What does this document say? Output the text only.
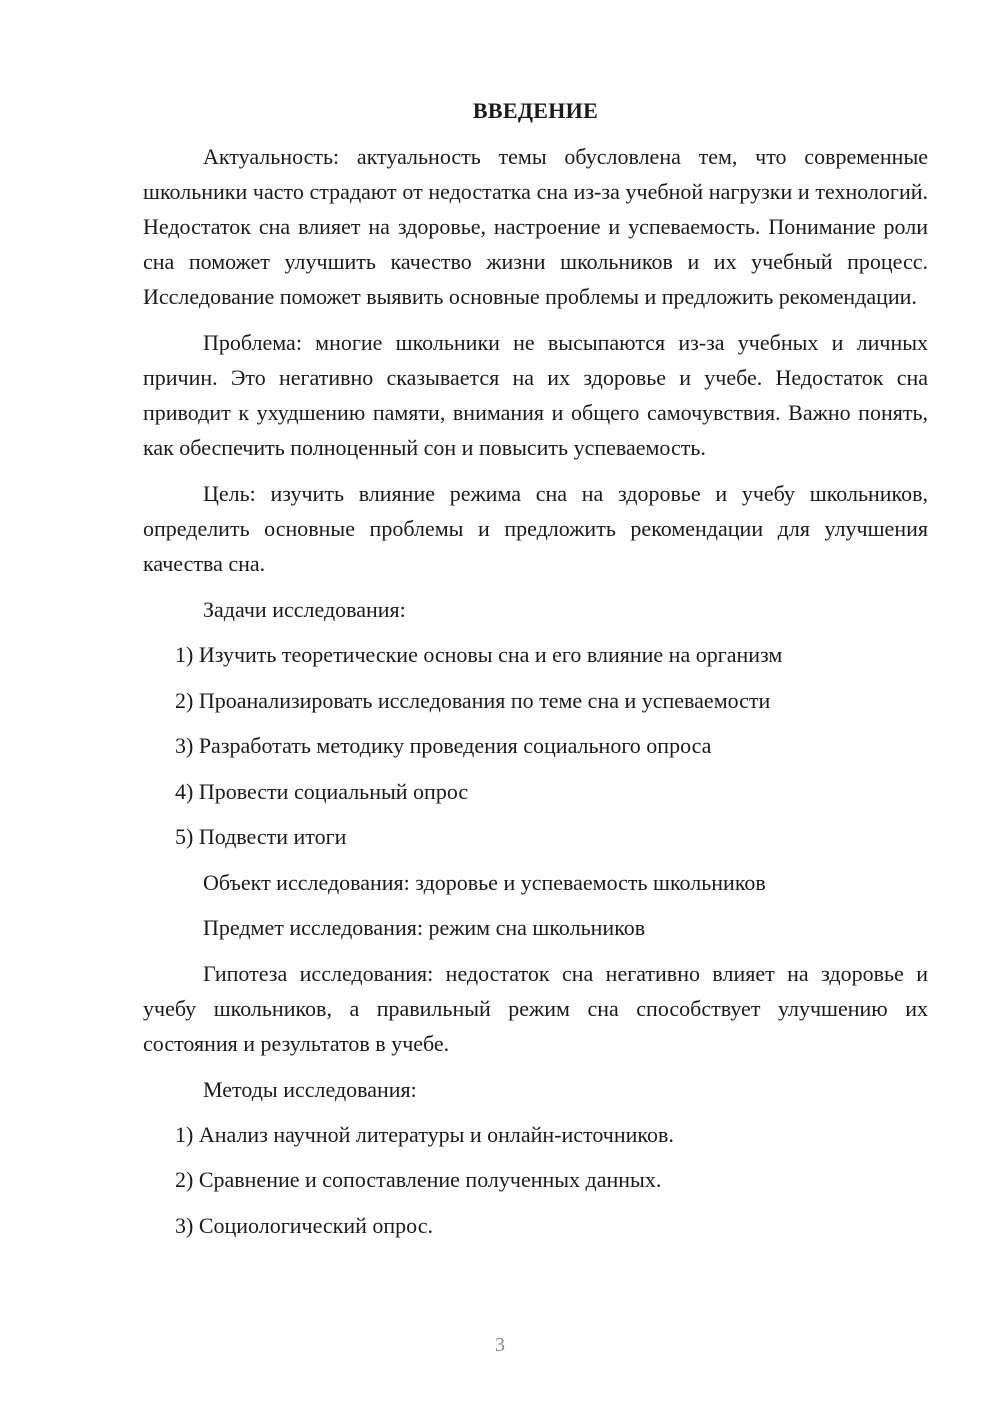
ВВЕДЕНИЕ

Актуальность: актуальность темы обусловлена тем, что современные школьники часто страдают от недостатка сна из-за учебной нагрузки и технологий. Недостаток сна влияет на здоровье, настроение и успеваемость. Понимание роли сна поможет улучшить качество жизни школьников и их учебный процесс. Исследование поможет выявить основные проблемы и предложить рекомендации.

Проблема: многие школьники не высыпаются из-за учебных и личных причин. Это негативно сказывается на их здоровье и учебе. Недостаток сна приводит к ухудшению памяти, внимания и общего самочувствия. Важно понять, как обеспечить полноценный сон и повысить успеваемость.

Цель: изучить влияние режима сна на здоровье и учебу школьников, определить основные проблемы и предложить рекомендации для улучшения качества сна.

Задачи исследования:

1) Изучить теоретические основы сна и его влияние на организм
2) Проанализировать исследования по теме сна и успеваемости
3) Разработать методику проведения социального опроса
4) Провести социальный опрос
5) Подвести итоги

Объект исследования: здоровье и успеваемость школьников

Предмет исследования: режим сна школьников

Гипотеза исследования: недостаток сна негативно влияет на здоровье и учебу школьников, а правильный режим сна способствует улучшению их состояния и результатов в учебе.

Методы исследования:

1) Анализ научной литературы и онлайн-источников.
2) Сравнение и сопоставление полученных данных.
3) Социологический опрос.
3
